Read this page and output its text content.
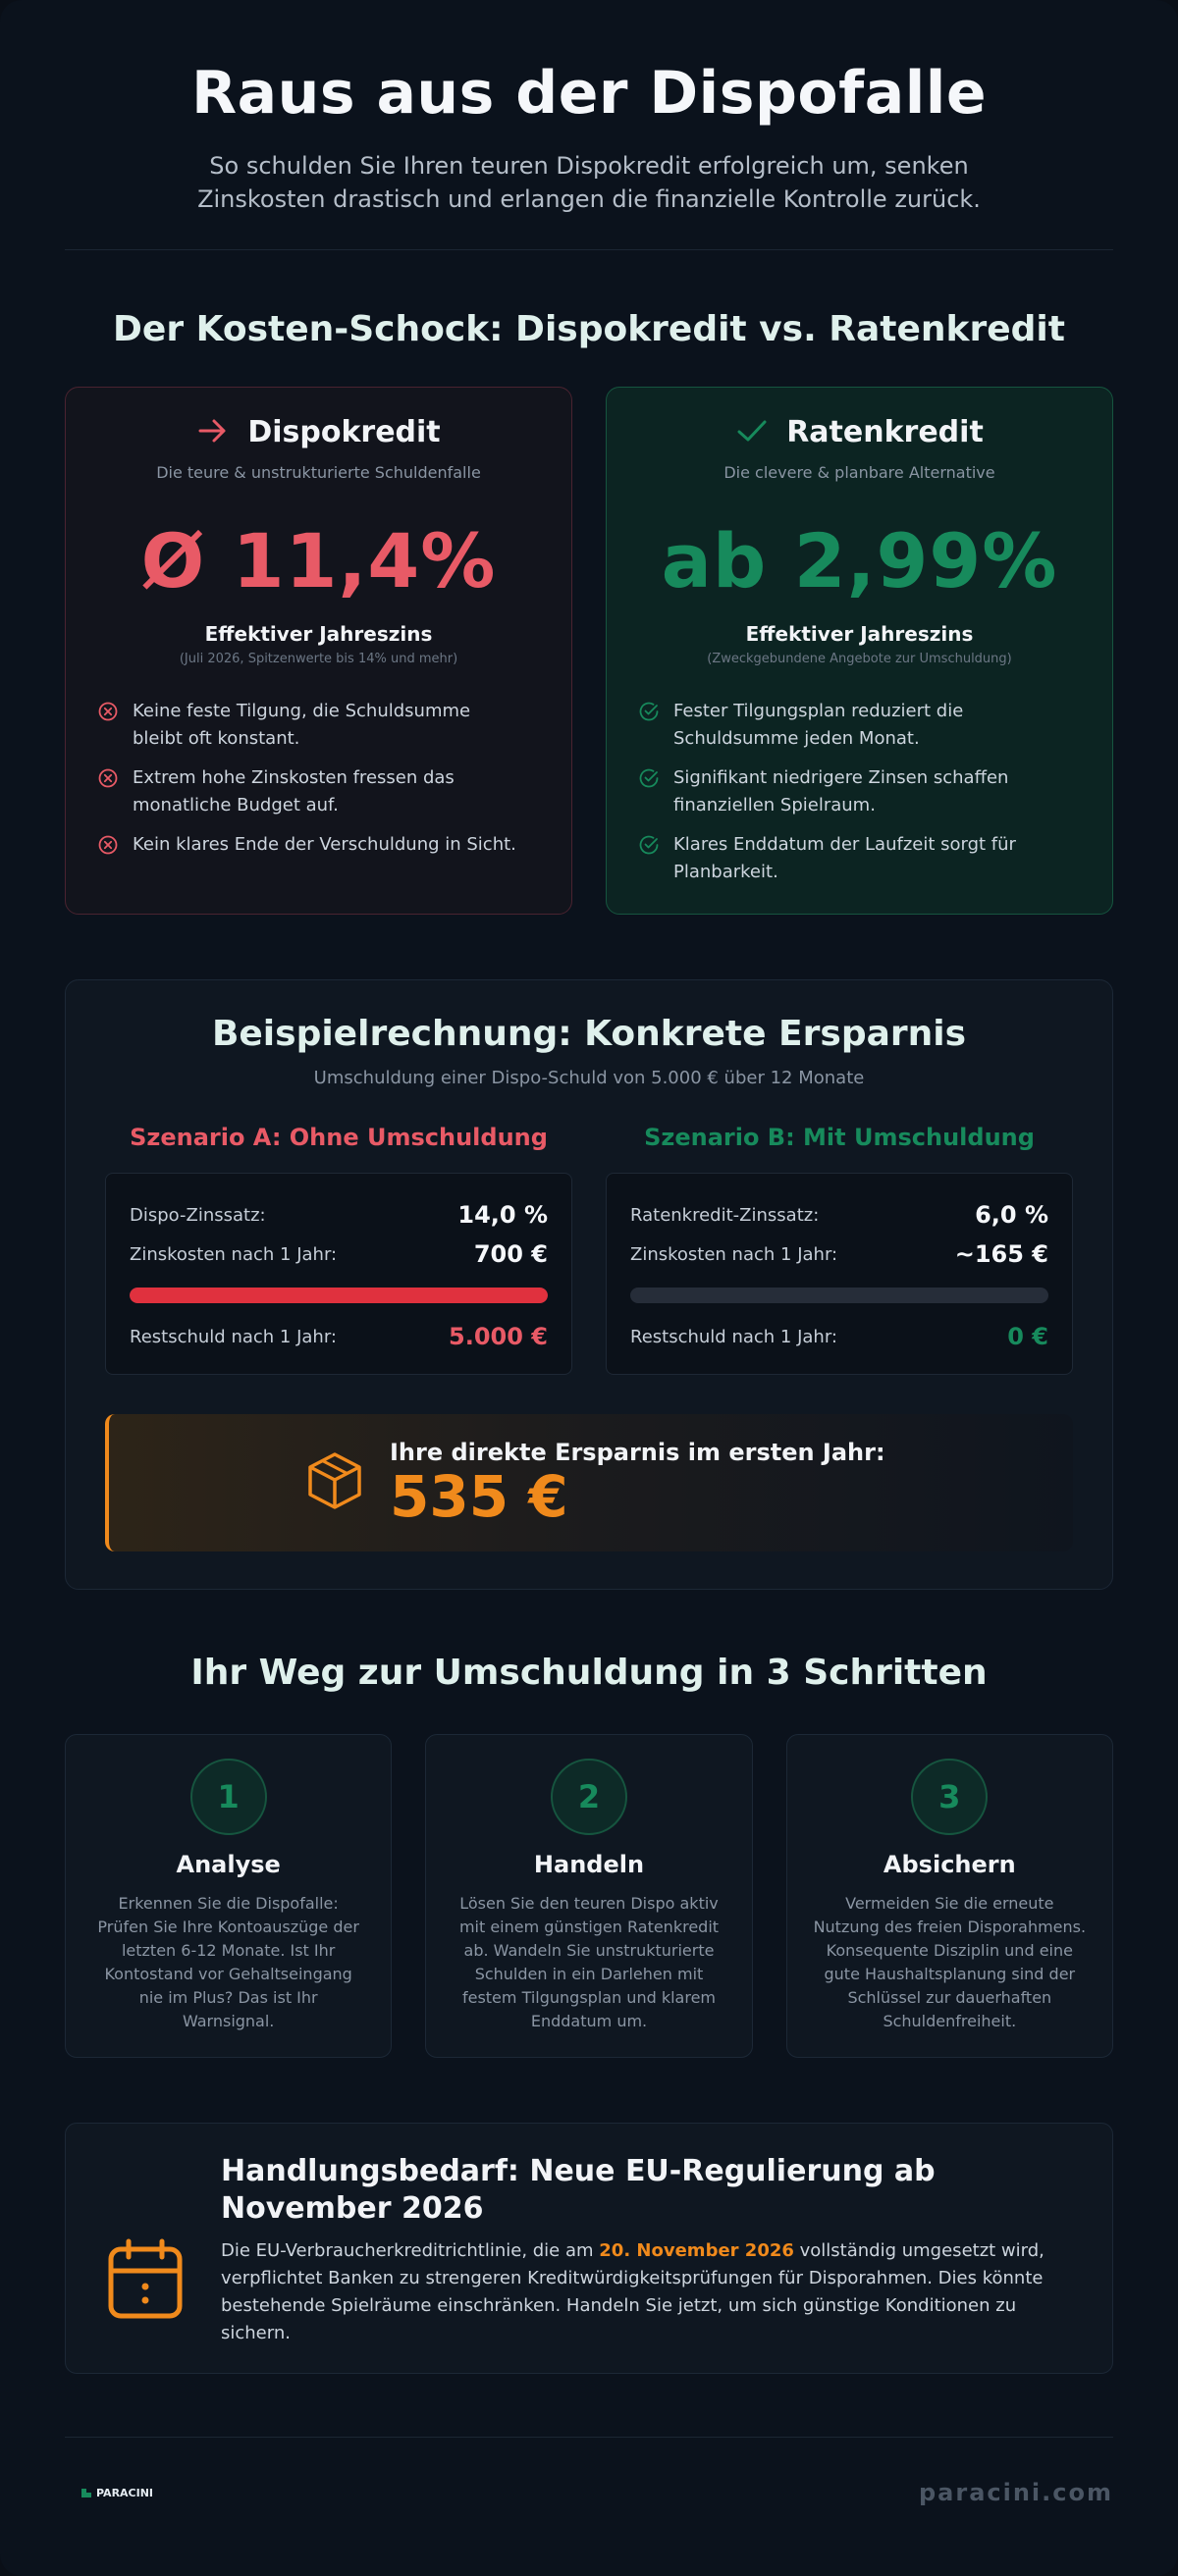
Raus aus der Dispofalle

So schulden Sie Ihren teuren Dispokredit erfolgreich um, senken Zinskosten drastisch und erlangen die finanzielle Kontrolle zurück.

Der Kosten-Schock: Dispokredit vs. Ratenkredit
Dispokredit
Die teure & unstrukturierte Schuldenfalle
Ø 11,4%
Effektiver Jahreszins
(Juli 2026, Spitzenwerte bis 14% und mehr)
Keine feste Tilgung, die Schuldsumme bleibt oft konstant.
Extrem hohe Zinskosten fressen das monatliche Budget auf.
Kein klares Ende der Verschuldung in Sicht.
Ratenkredit
Die clevere & planbare Alternative
ab 2,99%
Effektiver Jahreszins
(Zweckgebundene Angebote zur Umschuldung)
Fester Tilgungsplan reduziert die Schuldsumme jeden Monat.
Signifikant niedrigere Zinsen schaffen finanziellen Spielraum.
Klares Enddatum der Laufzeit sorgt für Planbarkeit.
Beispielrechnung: Konkrete Ersparnis
Umschuldung einer Dispo-Schuld von 5.000 € über 12 Monate
Szenario A: Ohne Umschuldung
Dispo-Zinssatz:	14,0 %
Zinskosten nach 1 Jahr:	700 €
Restschuld nach 1 Jahr:	5.000 €
Szenario B: Mit Umschuldung
Ratenkredit-Zinssatz:	6,0 %
Zinskosten nach 1 Jahr:	~165 €
Restschuld nach 1 Jahr:	0 €
Ihre direkte Ersparnis im ersten Jahr:
535 €
Ihr Weg zur Umschuldung in 3 Schritten
1
Analyse
Erkennen Sie die Dispofalle: Prüfen Sie Ihre Kontoauszüge der letzten 6-12 Monate. Ist Ihr Kontostand vor Gehaltseingang nie im Plus? Das ist Ihr Warnsignal.
2
Handeln
Lösen Sie den teuren Dispo aktiv mit einem günstigen Ratenkredit ab. Wandeln Sie unstrukturierte Schulden in ein Darlehen mit festem Tilgungsplan und klarem Enddatum um.
3
Absichern
Vermeiden Sie die erneute Nutzung des freien Disporahmens. Konsequente Disziplin und eine gute Haushaltsplanung sind der Schlüssel zur dauerhaften Schuldenfreiheit.
Handlungsbedarf: Neue EU-Regulierung ab November 2026

Die EU-Verbraucherkreditrichtlinie, die am 20. November 2026 vollständig umgesetzt wird, verpflichtet Banken zu strengeren Kreditwürdigkeitsprüfungen für Disporahmen. Dies könnte bestehende Spielräume einschränken. Handeln Sie jetzt, um sich günstige Konditionen zu sichern.

PARACINI	paracini.com
